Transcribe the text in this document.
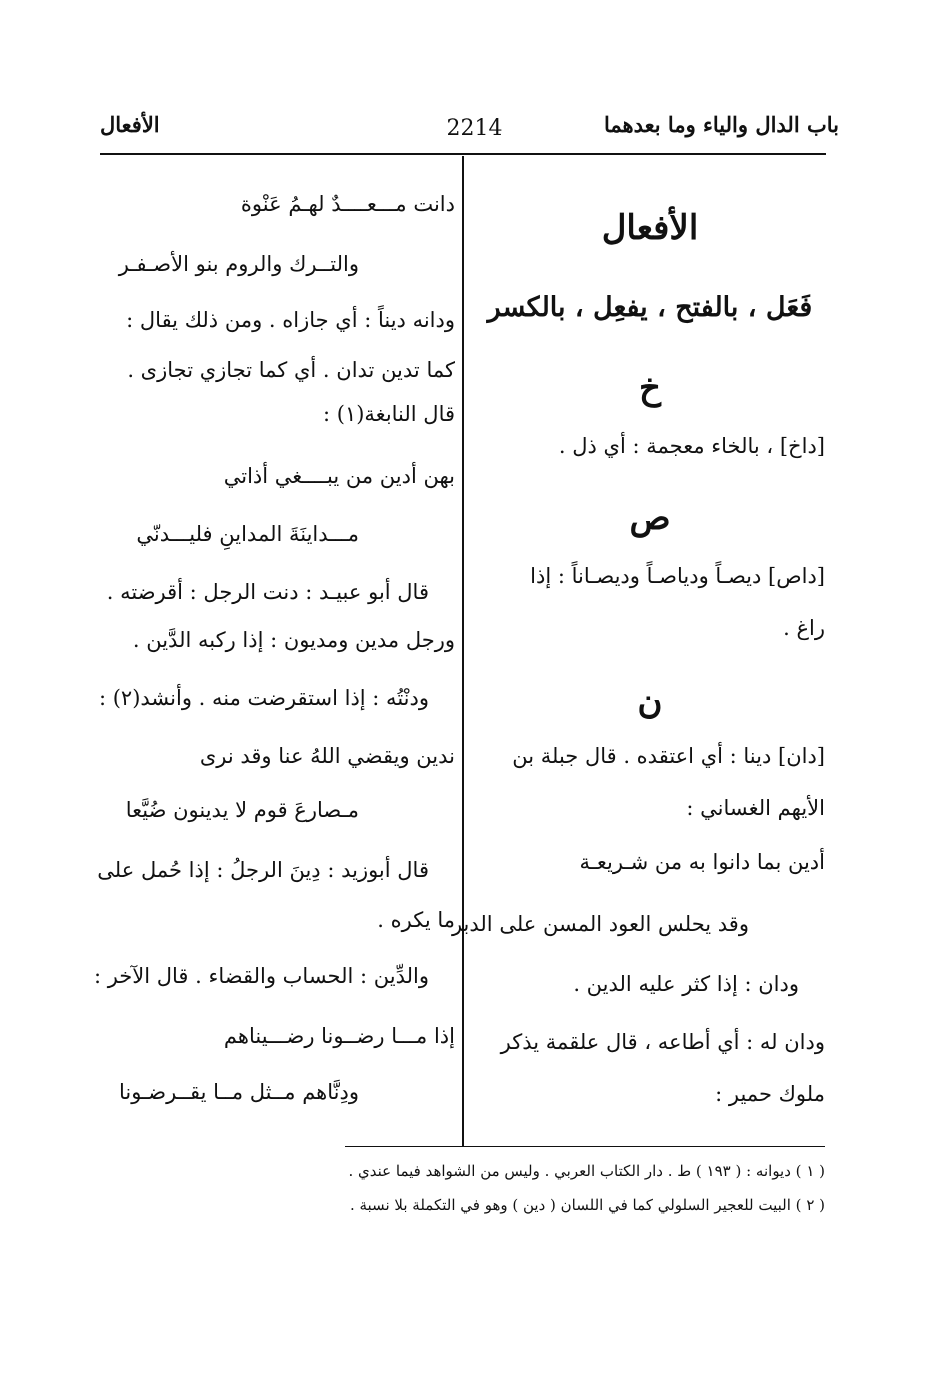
باب الدال والياء وما بعدهما
2214
الأفعال
الأفعال
فَعَل ، بالفتح ، يفعِل ، بالكسر
خ
[داخ] ، بالخاء معجمة : أي ذل .
ص
[داص] ديصـاً ودياصـاً وديصـاناً : إذا
راغ .
ن
[دان] دينا : أي اعتقده . قال جبلة بن
الأيهم الغساني :
أدين بما دانوا به من شـريعـة
وقد يحلس العود المسن على الدبر
ودان : إذا كثر عليه الدين .
ودان له : أي أطاعه ، قال علقمة يذكر
ملوك حمير :
دانت مـــعــــدٌ لهـمُ عَنْوة
والتــرك والروم بنو الأصـفـر
ودانه ديناً : أي جازاه . ومن ذلك يقال :
كما تدين تدان . أي كما تجازي تجازى .
قال النابغة(١) :
بهن أدين من يبــــغي أذاتي
مـــداينَةَ المداينِ فليـــدنّي
قال أبو عبيـد : دنت الرجل : أقرضته .
ورجل مدين ومديون : إذا ركبه الدَّين .
ودنْتُه : إذا استقرضت منه . وأنشد(٢) :
ندين ويقضي اللهُ عنا وقد نرى
مـصارعَ قوم لا يدينون ضُيَّعا
قال أبوزيد : دِينَ الرجلُ : إذا حُمل على
ما يكره .
والدِّين : الحساب والقضاء . قال الآخر :
إذا مـــا رضــونا رضـــيناهم
ودِنَّاهم مــثل مــا يقــرضـونا
( ١ ) ديوانه : ( ١٩٣ ) ط . دار الكتاب العربي . وليس من الشواهد فيما عندي .
( ٢ ) البيت للعجير السلولي كما في اللسان ( دين ) وهو في التكملة بلا نسبة .
